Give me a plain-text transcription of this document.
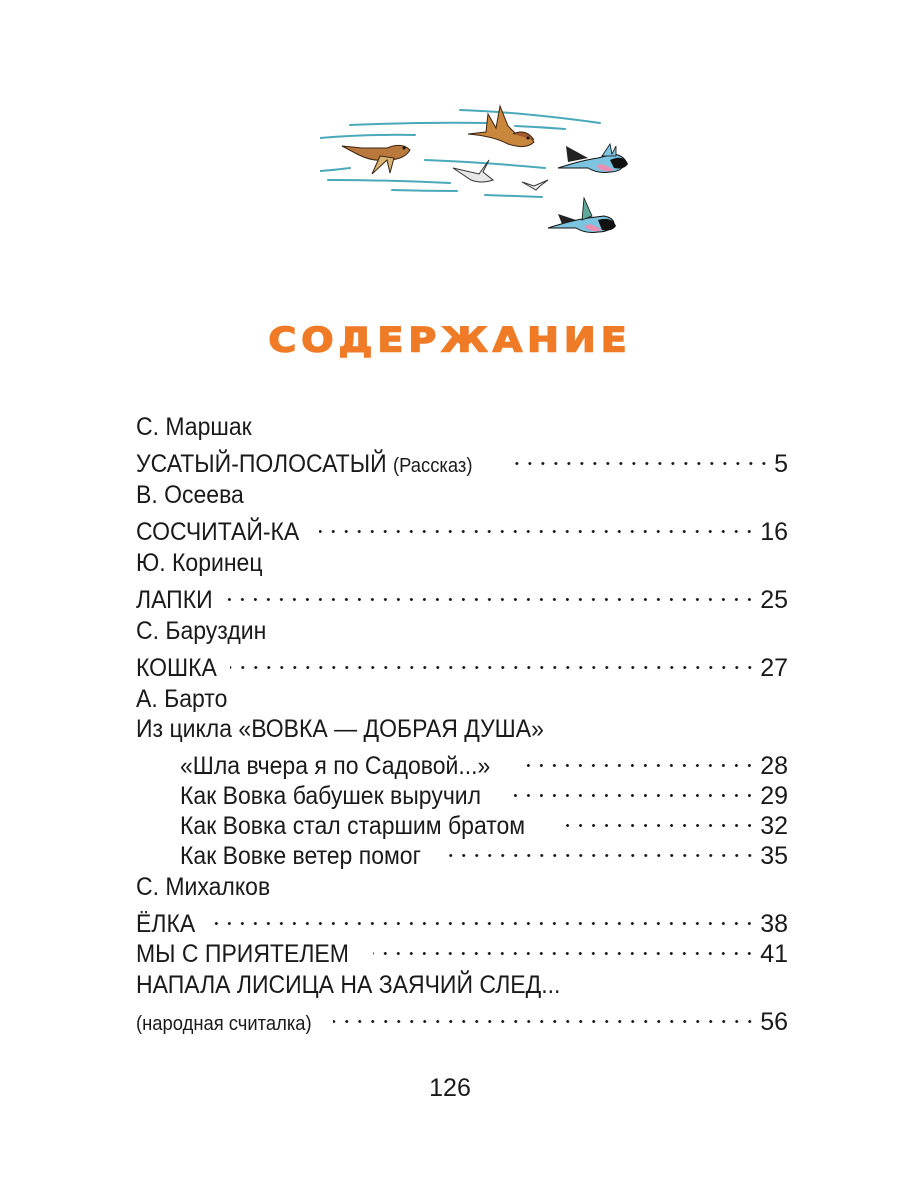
СОДЕРЖАНИЕ
С. Маршак
УСАТЫЙ-ПОЛОСАТЫЙ (Рассказ)	5
В. Осеева
СОСЧИТАЙ-КА	16
Ю. Коринец
ЛАПКИ	25
С. Баруздин
КОШКА	27
А. Барто
Из цикла «ВОВКА — ДОБРАЯ ДУША»
«Шла вчера я по Садовой...»	28
Как Вовка бабушек выручил	29
Как Вовка стал старшим братом	32
Как Вовке ветер помог	35
С. Михалков
ЁЛКА	38
МЫ С ПРИЯТЕЛЕМ	41
НАПАЛА ЛИСИЦА НА ЗАЯЧИЙ СЛЕД...
(народная считалка)	56
126
